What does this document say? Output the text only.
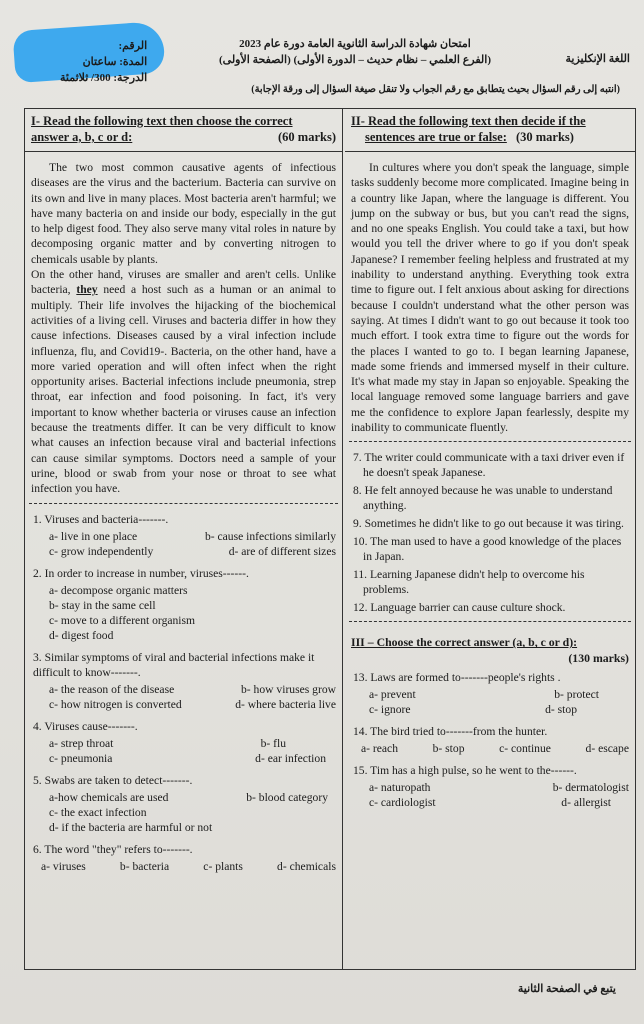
امتحان شهادة الدراسة الثانوية العامة دورة عام 2023
(الفرع العلمي – نظام حديث – الدورة الأولى) (الصفحة الأولى)	اللغة الإنكليزية
الرقم:
المدة: ساعتان
الدرجة: 300/ ثلاثمئة
(انتبه إلى رقم السؤال بحيث يتطابق مع رقم الجواب ولا تنقل صيغة السؤال إلى ورقة الإجابة)
I- Read the following text then choose the correct
answer a, b, c or d:	(60 marks)

The two most common causative agents of infectious diseases are the virus and the bacterium. Bacteria can survive on its own and live in many places. Most bacteria aren't harmful; we have many bacteria on and inside our body, especially in the gut to help digest food. They also serve many vital roles in nature by decomposing organic matter and by converting nitrogen to chemicals usable by plants.

On the other hand, viruses are smaller and aren't cells. Unlike bacteria, they need a host such as a human or an animal to multiply. Their life involves the hijacking of the biochemical activities of a living cell. Viruses and bacteria differ in how they cause infections. Diseases caused by a viral infection include influenza, flu, and Covid19-. Bacteria, on the other hand, have a more varied operation and will often infect when the right opportunity arises. Bacterial infections include pneumonia, strep throat, ear infection and food poisoning. In fact, it's very important to know whether bacteria or viruses cause an infection because the treatments differ. It can be very difficult to know what causes an infection because viral and bacterial infections can cause similar symptoms. Doctors need a sample of your urine, blood or swab from your nose or throat to see what infection you have.

1. Viruses and bacteria-------.
a- live in one place	b- cause infections similarly
c- grow independently	d- are of different sizes
2. In order to increase in number, viruses------.
a- decompose organic matters
b- stay in the same cell
c- move to a different organism
d- digest food
3. Similar symptoms of viral and bacterial infections make it difficult to know-------.
a- the reason of the disease	b- how viruses grow
c- how nitrogen is converted	d- where bacteria live
4. Viruses cause-------.
a- strep throat	b- flu
c- pneumonia	d- ear infection
5. Swabs are taken to detect-------.
a-how chemicals are used	b- blood category
c- the exact infection
d- if the bacteria are harmful or not
6. The word "they" refers to-------.
a- viruses	b- bacteria	c- plants	d- chemicals
II- Read the following text then decide if the
sentences are true or false: (30 marks)

In cultures where you don't speak the language, simple tasks suddenly become more complicated. Imagine being in a country like Japan, where the language is different. You jump on the subway or bus, but you can't read the signs, and no one speaks English. You could take a taxi, but how would you tell the driver where to go if you don't speak Japanese? I remember feeling helpless and frustrated at my inability to understand anything. Everything took extra time to figure out. I felt anxious about asking for directions because I couldn't understand what the other person was saying. At times I didn't want to go out because it took too much effort. I took extra time to figure out the words for the places I wanted to go to. I began learning Japanese, made some friends and immersed myself in their culture. It's what made my stay in Japan so enjoyable. Speaking the local language removed some language barriers and gave me the confidence to explore Japan fearlessly, despite my inability to communicate fluently.

7. The writer could communicate with a taxi driver even if he doesn't speak Japanese.
8. He felt annoyed because he was unable to understand anything.
9. Sometimes he didn't like to go out because it was tiring.
10. The man used to have a good knowledge of the places in Japan.
11. Learning Japanese didn't help to overcome his problems.
12. Language barrier can cause culture shock.
III – Choose the correct answer (a, b, c or d):

(130 marks)
13. Laws are formed to-------people's rights .
a- prevent	b- protect
c- ignore	d- stop
14. The bird tried to-------from the hunter.
a- reach	b- stop	c- continue	d- escape
15. Tim has a high pulse, so he went to the------.
a- naturopath	b- dermatologist
c- cardiologist	d- allergist
يتبع في الصفحة الثانية
